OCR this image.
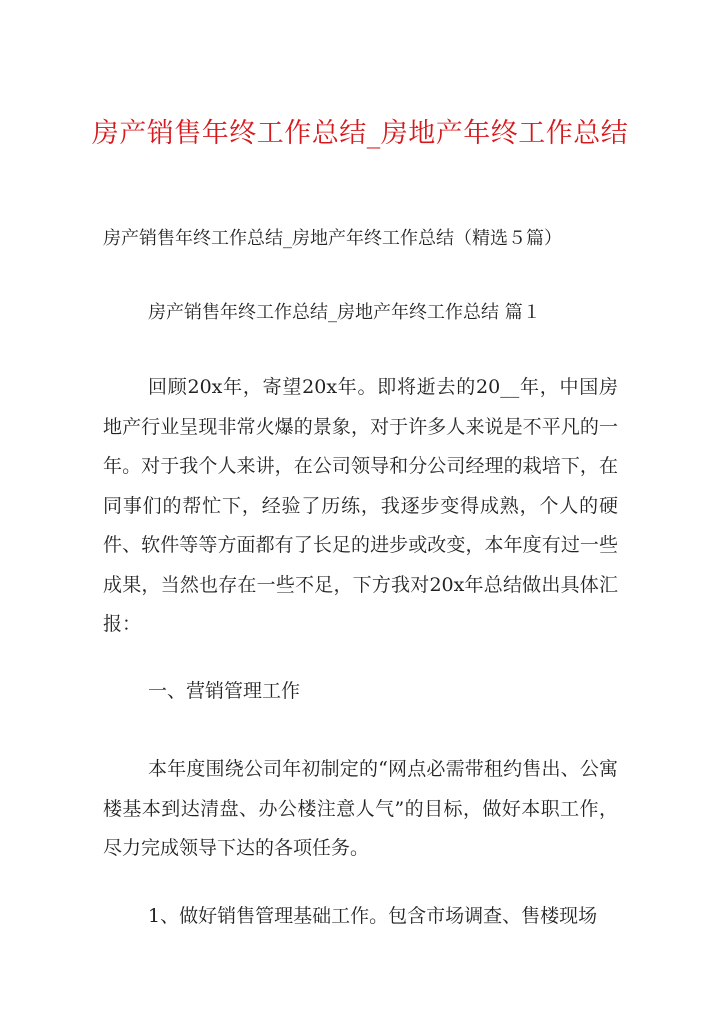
房产销售年终工作总结_房地产年终工作总结

房产销售年终工作总结_房地产年终工作总结（精选５篇）

房产销售年终工作总结_房地产年终工作总结 篇１

回顾20x年，寄望20x年。即将逝去的20__年，中国房地产行业呈现非常火爆的景象，对于许多人来说是不平凡的一年。对于我个人来讲，在公司领导和分公司经理的栽培下，在同事们的帮忙下，经验了历练，我逐步变得成熟，个人的硬件、软件等等方面都有了长足的进步或改变，本年度有过一些成果，当然也存在一些不足，下方我对20x年总结做出具体汇报：

一、营销管理工作

本年度围绕公司年初制定的“网点必需带租约售出、公寓楼基本到达清盘、办公楼注意人气”的目标，做好本职工作，尽力完成领导下达的各项任务。

1、做好销售管理基础工作。包含市场调查、售楼现场
